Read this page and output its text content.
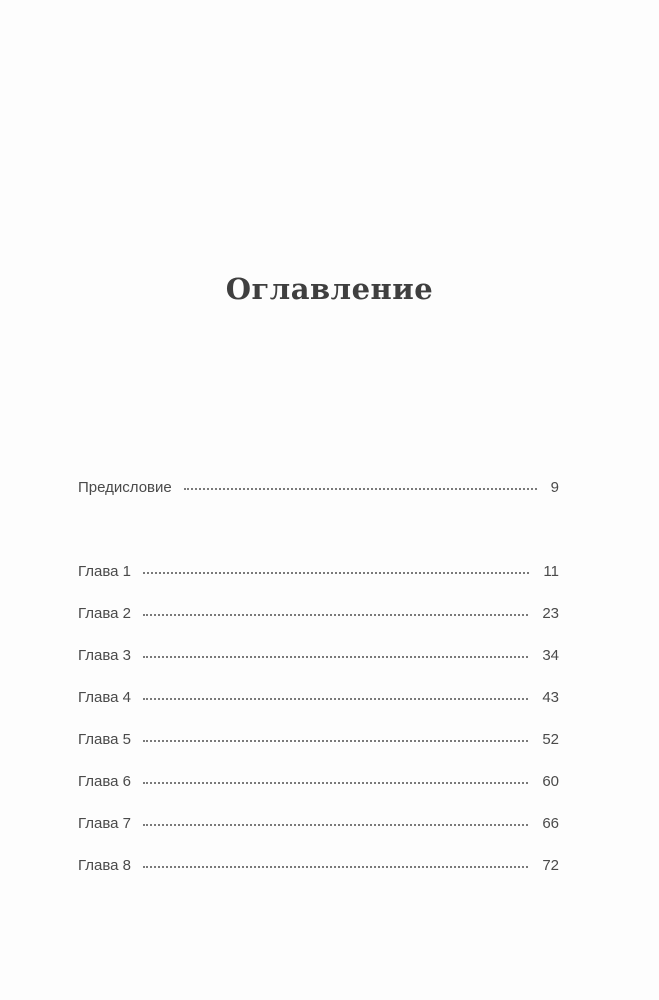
Оглавление
Предисловие	9
Глава 1	11
Глава 2	23
Глава 3	34
Глава 4	43
Глава 5	52
Глава 6	60
Глава 7	66
Глава 8	72
